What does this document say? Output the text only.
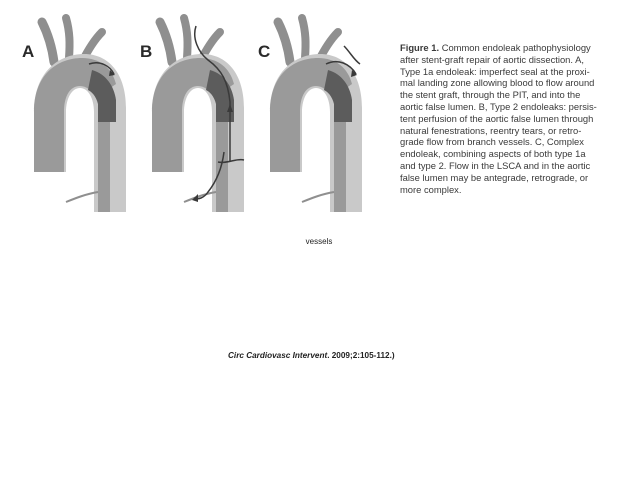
A	B	C	Figure 1. Common endoleak pathophysiology
after stent-graft repair of aortic dissection. A,
Type 1a endoleak: imperfect seal at the proxi-
mal landing zone allowing blood to flow around
the stent graft, through the PIT, and into the
aortic false lumen. B, Type 2 endoleaks: persis-
tent perfusion of the aortic false lumen through
natural fenestrations, reentry tears, or retro-
grade flow from branch vessels. C, Complex
endoleak, combining aspects of both type 1a
and type 2. Flow in the LSCA and in the aortic
false lumen may be antegrade, retrograde, or
more complex.
vessels
Circ Cardiovasc Intervent. 2009;2:105-112.)
